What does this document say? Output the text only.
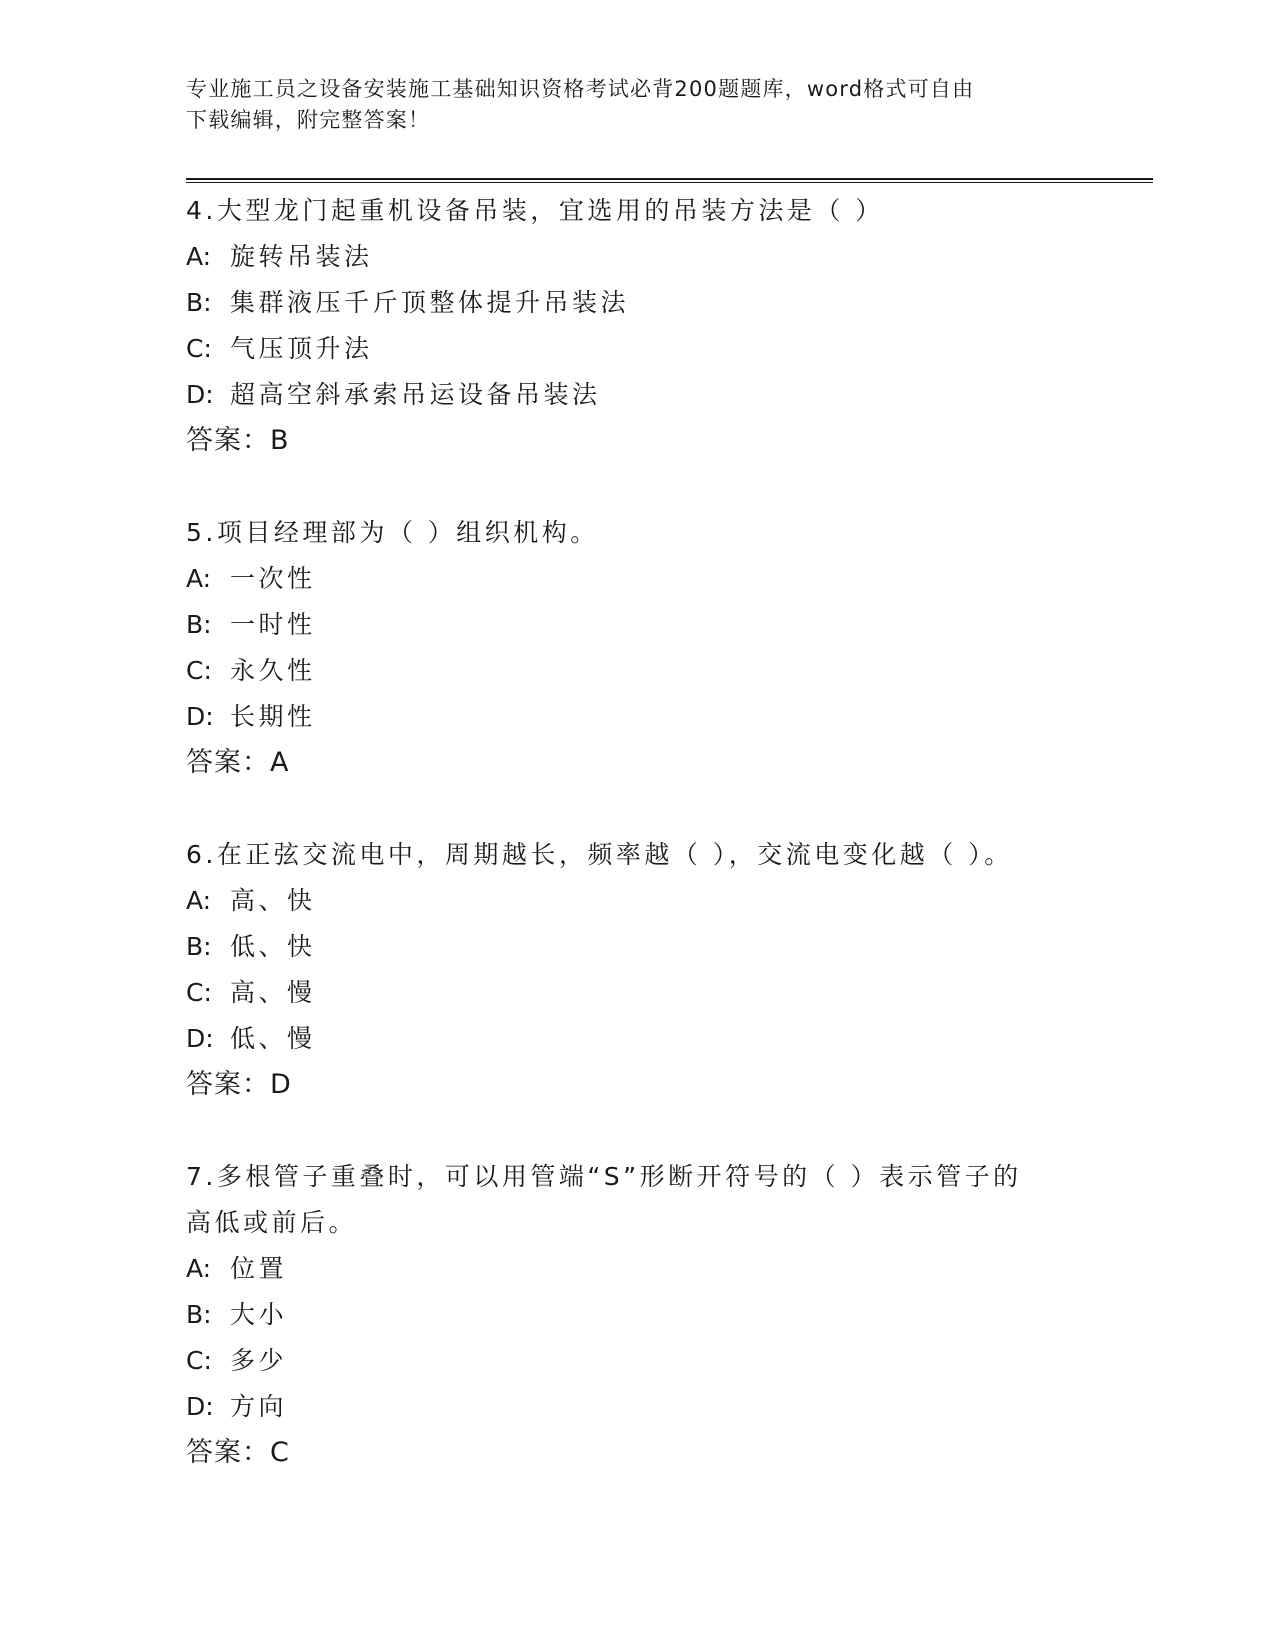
专业施工员之设备安装施工基础知识资格考试必背200题题库，word格式可自由
下载编辑，附完整答案！
4.大型龙门起重机设备吊装，宜选用的吊装方法是（ ）
A: 旋转吊装法
B: 集群液压千斤顶整体提升吊装法
C: 气压顶升法
D: 超高空斜承索吊运设备吊装法
答案：B
5.项目经理部为（ ）组织机构。
A: 一次性
B: 一时性
C: 永久性
D: 长期性
答案：A
6.在正弦交流电中，周期越长，频率越（ ），交流电变化越（ ）。
A: 高、快
B: 低、快
C: 高、慢
D: 低、慢
答案：D
7.多根管子重叠时，可以用管端“S”形断开符号的（ ）表示管子的
高低或前后。
A: 位置
B: 大小
C: 多少
D: 方向
答案：C
